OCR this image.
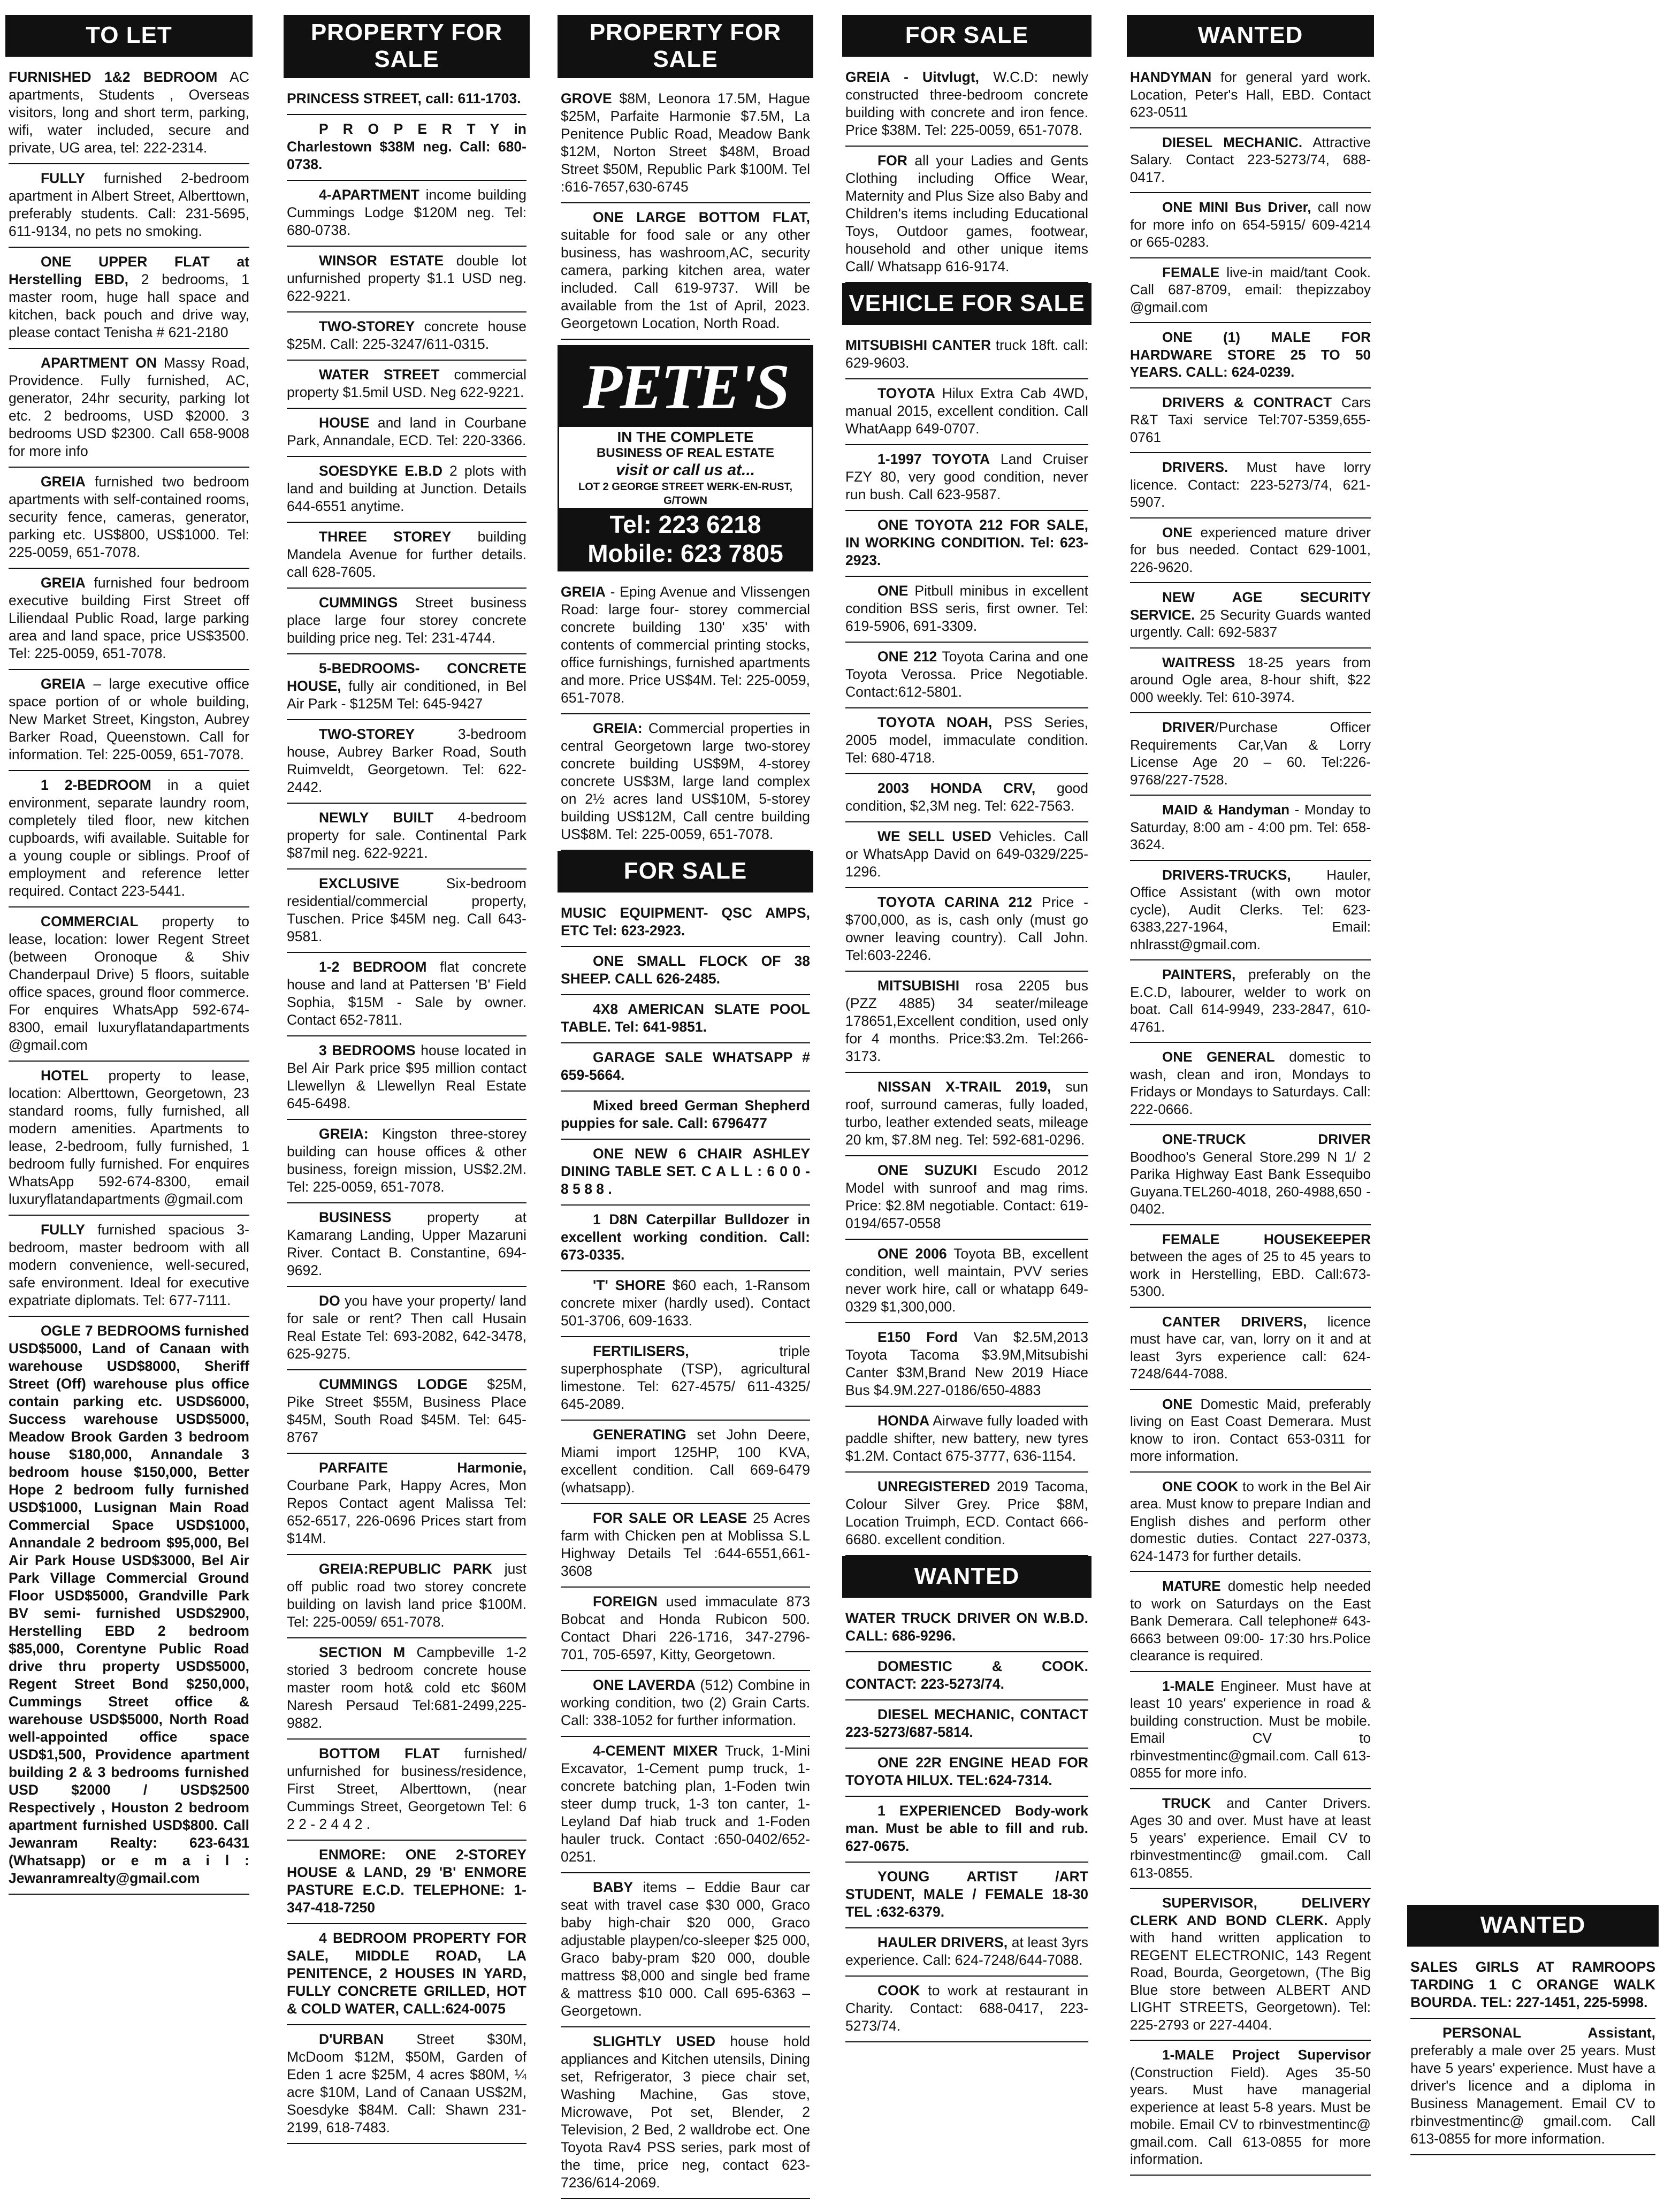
TO LET

FURNISHED 1&2 BEDROOM AC apartments, Students , Overseas visitors, long and short term, parking, wifi, water included, secure and private, UG area, tel: 222-2314.

FULLY furnished 2-bedroom apartment in Albert Street, Alberttown, preferably students. Call: 231-5695, 611-9134, no pets no smoking.

ONE UPPER FLAT at Herstelling EBD, 2 bedrooms, 1 master room, huge hall space and kitchen, back pouch and drive way, please contact Tenisha # 621-2180

APARTMENT ON Massy Road, Providence. Fully furnished, AC, generator, 24hr security, parking lot etc. 2 bedrooms, USD $2000. 3 bedrooms USD $2300. Call 658-9008 for more info

GREIA furnished two bedroom apartments with self-contained rooms, security fence, cameras, generator, parking etc. US$800, US$1000. Tel: 225-0059, 651-7078.

GREIA furnished four bedroom executive building First Street off Liliendaal Public Road, large parking area and land space, price US$3500. Tel: 225-0059, 651-7078.

GREIA – large executive office space portion of or whole building, New Market Street, Kingston, Aubrey Barker Road, Queenstown. Call for information. Tel: 225-0059, 651-7078.

1 2-BEDROOM in a quiet environment, separate laundry room, completely tiled floor, new kitchen cupboards, wifi available. Suitable for a young couple or siblings. Proof of employment and reference letter required. Contact 223-5441.

COMMERCIAL property to lease, location: lower Regent Street (between Oronoque & Shiv Chanderpaul Drive) 5 floors, suitable office spaces, ground floor commerce. For enquires WhatsApp 592-674-8300, email luxuryflatandapartments @gmail.com

HOTEL property to lease, location: Alberttown, Georgetown, 23 standard rooms, fully furnished, all modern amenities. Apartments to lease, 2-bedroom, fully furnished, 1 bedroom fully furnished. For enquires WhatsApp 592-674-8300, email luxuryflatandapartments @gmail.com

FULLY furnished spacious 3-bedroom, master bedroom with all modern convenience, well-secured, safe environment. Ideal for executive expatriate diplomats. Tel: 677-7111.

OGLE 7 BEDROOMS furnished USD$5000, Land of Canaan with warehouse USD$8000, Sheriff Street (Off) warehouse plus office contain parking etc. USD$6000, Success warehouse USD$5000, Meadow Brook Garden 3 bedroom house $180,000, Annandale 3 bedroom house $150,000, Better Hope 2 bedroom fully furnished USD$1000, Lusignan Main Road Commercial Space USD$1000, Annandale 2 bedroom $95,000, Bel Air Park House USD$3000, Bel Air Park Village Commercial Ground Floor USD$5000, Grandville Park BV semi- furnished USD$2900, Herstelling EBD 2 bedroom $85,000, Corentyne Public Road drive thru property USD$5000, Regent Street Bond $250,000, Cummings Street office & warehouse USD$5000, North Road well-appointed office space USD$1,500, Providence apartment building 2 & 3 bedrooms furnished USD $2000 / USD$2500 Respectively , Houston 2 bedroom apartment furnished USD$800. Call Jewanram Realty: 623-6431 (Whatsapp) or e m a i l : Jewanramrealty@gmail.com

PROPERTY FOR SALE

PRINCESS STREET, call: 611-1703.

P R O P E R T Y in Charlestown $38M neg. Call: 680-0738.

4-APARTMENT income building Cummings Lodge $120M neg. Tel: 680-0738.

WINSOR ESTATE double lot unfurnished property $1.1 USD neg. 622-9221.

TWO-STOREY concrete house $25M. Call: 225-3247/611-0315.

WATER STREET commercial property $1.5mil USD. Neg 622-9221.

HOUSE and land in Courbane Park, Annandale, ECD. Tel: 220-3366.

SOESDYKE E.B.D 2 plots with land and building at Junction. Details 644-6551 anytime.

THREE STOREY building Mandela Avenue for further details. call 628-7605.

CUMMINGS Street business place large four storey concrete building price neg. Tel: 231-4744.

5-BEDROOMS- CONCRETE HOUSE, fully air conditioned, in Bel Air Park - $125M Tel: 645-9427

TWO-STOREY 3-bedroom house, Aubrey Barker Road, South Ruimveldt, Georgetown. Tel: 622-2442.

NEWLY BUILT 4-bedroom property for sale. Continental Park $87mil neg. 622-9221.

EXCLUSIVE Six-bedroom residential/commercial property, Tuschen. Price $45M neg. Call 643-9581.

1-2 BEDROOM flat concrete house and land at Pattersen 'B' Field Sophia, $15M - Sale by owner. Contact 652-7811.

3 BEDROOMS house located in Bel Air Park price $95 million contact Llewellyn & Llewellyn Real Estate 645-6498.

GREIA: Kingston three-storey building can house offices & other business, foreign mission, US$2.2M. Tel: 225-0059, 651-7078.

BUSINESS property at Kamarang Landing, Upper Mazaruni River. Contact B. Constantine, 694-9692.

DO you have your property/ land for sale or rent? Then call Husain Real Estate Tel: 693-2082, 642-3478, 625-9275.

CUMMINGS LODGE $25M, Pike Street $55M, Business Place $45M, South Road $45M. Tel: 645-8767

PARFAITE Harmonie, Courbane Park, Happy Acres, Mon Repos Contact agent Malissa Tel: 652-6517, 226-0696 Prices start from $14M.

GREIA:REPUBLIC PARK just off public road two storey concrete building on lavish land price $100M. Tel: 225-0059/ 651-7078.

SECTION M Campbeville 1-2 storied 3 bedroom concrete house master room hot& cold etc $60M Naresh Persaud Tel:681-2499,225-9882.

BOTTOM FLAT furnished/ unfurnished for business/residence, First Street, Alberttown, (near Cummings Street, Georgetown Tel: 6 2 2 - 2 4 4 2 .

ENMORE: ONE 2-STOREY HOUSE & LAND, 29 'B' ENMORE PASTURE E.C.D. TELEPHONE: 1-347-418-7250

4 BEDROOM PROPERTY FOR SALE, MIDDLE ROAD, LA PENITENCE, 2 HOUSES IN YARD, FULLY CONCRETE GRILLED, HOT & COLD WATER, CALL:624-0075

D'URBAN Street $30M, McDoom $12M, $50M, Garden of Eden 1 acre $25M, 4 acres $80M, ¼ acre $10M, Land of Canaan US$2M, Soesdyke $84M. Call: Shawn 231-2199, 618-7483.

PROPERTY FOR SALE

GROVE $8M, Leonora 17.5M, Hague $25M, Parfaite Harmonie $7.5M, La Penitence Public Road, Meadow Bank $12M, Norton Street $48M, Broad Street $50M, Republic Park $100M. Tel :616-7657,630-6745

ONE LARGE BOTTOM FLAT, suitable for food sale or any other business, has washroom,AC, security camera, parking kitchen area, water included. Call 619-9737. Will be available from the 1st of April, 2023. Georgetown Location, North Road.

PETE'S
IN THE COMPLETE
BUSINESS OF REAL ESTATE
visit or call us at...
LOT 2 GEORGE STREET WERK-EN-RUST, G/TOWN
Tel: 223 6218
Mobile: 623 7805

GREIA - Eping Avenue and Vlissengen Road: large four- storey commercial concrete building 130' x35' with contents of commercial printing stocks, office furnishings, furnished apartments and more. Price US$4M. Tel: 225-0059, 651-7078.

GREIA: Commercial properties in central Georgetown large two-storey concrete building US$9M, 4-storey concrete US$3M, large land complex on 2½ acres land US$10M, 5-storey building US$12M, Call centre building US$8M. Tel: 225-0059, 651-7078.

FOR SALE

MUSIC EQUIPMENT- QSC AMPS, ETC Tel: 623-2923.

ONE SMALL FLOCK OF 38 SHEEP. CALL 626-2485.

4X8 AMERICAN SLATE POOL TABLE. Tel: 641-9851.

GARAGE SALE WHATSAPP # 659-5664.

Mixed breed German Shepherd puppies for sale. Call: 6796477

ONE NEW 6 CHAIR ASHLEY DINING TABLE SET. C A L L : 6 0 0 - 8 5 8 8 .

1 D8N Caterpillar Bulldozer in excellent working condition. Call: 673-0335.

'T' SHORE $60 each, 1-Ransom concrete mixer (hardly used). Contact 501-3706, 609-1633.

FERTILISERS, triple superphosphate (TSP), agricultural limestone. Tel: 627-4575/ 611-4325/ 645-2089.

GENERATING set John Deere, Miami import 125HP, 100 KVA, excellent condition. Call 669-6479 (whatsapp).

FOR SALE OR LEASE 25 Acres farm with Chicken pen at Moblissa S.L Highway Details Tel :644-6551,661-3608

FOREIGN used immaculate 873 Bobcat and Honda Rubicon 500. Contact Dhari 226-1716, 347-2796-701, 705-6597, Kitty, Georgetown.

ONE LAVERDA (512) Combine in working condition, two (2) Grain Carts. Call: 338-1052 for further information.

4-CEMENT MIXER Truck, 1-Mini Excavator, 1-Cement pump truck, 1-concrete batching plan, 1-Foden twin steer dump truck, 1-3 ton canter, 1-Leyland Daf hiab truck and 1-Foden hauler truck. Contact :650-0402/652-0251.

BABY items – Eddie Baur car seat with travel case $30 000, Graco baby high-chair $20 000, Graco adjustable playpen/co-sleeper $25 000, Graco baby-pram $20 000, double mattress $8,000 and single bed frame & mattress $10 000. Call 695-6363 – Georgetown.

SLIGHTLY USED house hold appliances and Kitchen utensils, Dining set, Refrigerator, 3 piece chair set, Washing Machine, Gas stove, Microwave, Pot set, Blender, 2 Television, 2 Bed, 2 walldrobe ect. One Toyota Rav4 PSS series, park most of the time, price neg, contact 623-7236/614-2069.

FOR SALE

GREIA - Uitvlugt, W.C.D: newly constructed three-bedroom concrete building with concrete and iron fence. Price $38M. Tel: 225-0059, 651-7078.

FOR all your Ladies and Gents Clothing including Office Wear, Maternity and Plus Size also Baby and Children's items including Educational Toys, Outdoor games, footwear, household and other unique items Call/ Whatsapp 616-9174.

VEHICLE FOR SALE

MITSUBISHI CANTER truck 18ft. call: 629-9603.

TOYOTA Hilux Extra Cab 4WD, manual 2015, excellent condition. Call WhatAapp 649-0707.

1-1997 TOYOTA Land Cruiser FZY 80, very good condition, never run bush. Call 623-9587.

ONE TOYOTA 212 FOR SALE, IN WORKING CONDITION. Tel: 623-2923.

ONE Pitbull minibus in excellent condition BSS seris, first owner. Tel: 619-5906, 691-3309.

ONE 212 Toyota Carina and one Toyota Verossa. Price Negotiable. Contact:612-5801.

TOYOTA NOAH, PSS Series, 2005 model, immaculate condition. Tel: 680-4718.

2003 HONDA CRV, good condition, $2,3M neg. Tel: 622-7563.

WE SELL USED Vehicles. Call or WhatsApp David on 649-0329/225-1296.

TOYOTA CARINA 212 Price - $700,000, as is, cash only (must go owner leaving country). Call John. Tel:603-2246.

MITSUBISHI rosa 2205 bus (PZZ 4885) 34 seater/mileage 178651,Excellent condition, used only for 4 months. Price:$3.2m. Tel:266-3173.

NISSAN X-TRAIL 2019, sun roof, surround cameras, fully loaded, turbo, leather extended seats, mileage 20 km, $7.8M neg. Tel: 592-681-0296.

ONE SUZUKI Escudo 2012 Model with sunroof and mag rims. Price: $2.8M negotiable. Contact: 619-0194/657-0558

ONE 2006 Toyota BB, excellent condition, well maintain, PVV series never work hire, call or whatapp 649-0329 $1,300,000.

E150 Ford Van $2.5M,2013 Toyota Tacoma $3.9M,Mitsubishi Canter $3M,Brand New 2019 Hiace Bus $4.9M.227-0186/650-4883

HONDA Airwave fully loaded with paddle shifter, new battery, new tyres $1.2M. Contact 675-3777, 636-1154.

UNREGISTERED 2019 Tacoma, Colour Silver Grey. Price $8M, Location Truimph, ECD. Contact 666-6680. excellent condition.

WANTED

WATER TRUCK DRIVER ON W.B.D. CALL: 686-9296.

DOMESTIC & COOK. CONTACT: 223-5273/74.

DIESEL MECHANIC, CONTACT 223-5273/687-5814.

ONE 22R ENGINE HEAD FOR TOYOTA HILUX. TEL:624-7314.

1 EXPERIENCED Body-work man. Must be able to fill and rub. 627-0675.

YOUNG ARTIST /ART STUDENT, MALE / FEMALE 18-30 TEL :632-6379.

HAULER DRIVERS, at least 3yrs experience. Call: 624-7248/644-7088.

COOK to work at restaurant in Charity. Contact: 688-0417, 223-5273/74.

WANTED

HANDYMAN for general yard work. Location, Peter's Hall, EBD. Contact 623-0511

DIESEL MECHANIC. Attractive Salary. Contact 223-5273/74, 688-0417.

ONE MINI Bus Driver, call now for more info on 654-5915/ 609-4214 or 665-0283.

FEMALE live-in maid/tant Cook. Call 687-8709, email: thepizzaboy @gmail.com

ONE (1) MALE FOR HARDWARE STORE 25 TO 50 YEARS. CALL: 624-0239.

DRIVERS & CONTRACT Cars R&T Taxi service Tel:707-5359,655-0761

DRIVERS. Must have lorry licence. Contact: 223-5273/74, 621-5907.

ONE experienced mature driver for bus needed. Contact 629-1001, 226-9620.

NEW AGE SECURITY SERVICE. 25 Security Guards wanted urgently. Call: 692-5837

WAITRESS 18-25 years from around Ogle area, 8-hour shift, $22 000 weekly. Tel: 610-3974.

DRIVER/Purchase Officer Requirements Car,Van & Lorry License Age 20 – 60. Tel:226-9768/227-7528.

MAID & Handyman - Monday to Saturday, 8:00 am - 4:00 pm. Tel: 658-3624.

DRIVERS-TRUCKS, Hauler, Office Assistant (with own motor cycle), Audit Clerks. Tel: 623-6383,227-1964, Email: nhlrasst@gmail.com.

PAINTERS, preferably on the E.C.D, labourer, welder to work on boat. Call 614-9949, 233-2847, 610-4761.

ONE GENERAL domestic to wash, clean and iron, Mondays to Fridays or Mondays to Saturdays. Call: 222-0666.

ONE-TRUCK DRIVER Boodhoo's General Store.299 N 1/ 2 Parika Highway East Bank Essequibo Guyana.TEL260-4018, 260-4988,650 - 0402.

FEMALE HOUSEKEEPER between the ages of 25 to 45 years to work in Herstelling, EBD. Call:673-5300.

CANTER DRIVERS, licence must have car, van, lorry on it and at least 3yrs experience call: 624-7248/644-7088.

ONE Domestic Maid, preferably living on East Coast Demerara. Must know to iron. Contact 653-0311 for more information.

ONE COOK to work in the Bel Air area. Must know to prepare Indian and English dishes and perform other domestic duties. Contact 227-0373, 624-1473 for further details.

MATURE domestic help needed to work on Saturdays on the East Bank Demerara. Call telephone# 643-6663 between 09:00- 17:30 hrs.Police clearance is required.

1-MALE Engineer. Must have at least 10 years' experience in road & building construction. Must be mobile. Email CV to rbinvestmentinc@gmail.com. Call 613-0855 for more info.

TRUCK and Canter Drivers. Ages 30 and over. Must have at least 5 years' experience. Email CV to rbinvestmentinc@ gmail.com. Call 613-0855.

SUPERVISOR, DELIVERY CLERK AND BOND CLERK. Apply with hand written application to REGENT ELECTRONIC, 143 Regent Road, Bourda, Georgetown, (The Big Blue store between ALBERT AND LIGHT STREETS, Georgetown). Tel: 225-2793 or 227-4404.

1-MALE Project Supervisor (Construction Field). Ages 35-50 years. Must have managerial experience at least 5-8 years. Must be mobile. Email CV to rbinvestmentinc@ gmail.com. Call 613-0855 for more information.

WANTED

SALES GIRLS AT RAMROOPS TARDING 1 C ORANGE WALK BOURDA. TEL: 227-1451, 225-5998.

PERSONAL Assistant, preferably a male over 25 years. Must have 5 years' experience. Must have a driver's licence and a diploma in Business Management. Email CV to rbinvestmentinc@ gmail.com. Call 613-0855 for more information.
